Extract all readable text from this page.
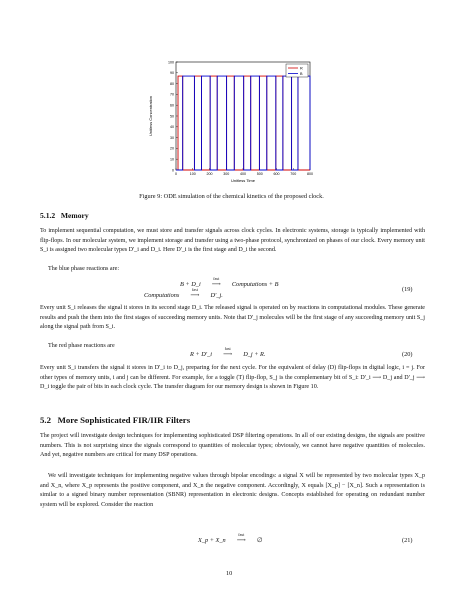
0
10
20
30
40
50
60
70
80
90
100
0	100	200	300	400	500	600	700	800
Unitless Concentration
Unitless Time
R
B
Figure 9: ODE simulation of the chemical kinetics of the proposed clock.
5.1.2 Memory
To implement sequential computation, we must store and transfer signals across clock cycles. In electronic systems, storage is typically implemented with flip-flops. In our molecular system, we implement storage and transfer using a two-phase protocol, synchronized on phases of our clock. Every memory unit S_i is assigned two molecular types D'_i and D_i. Here D'_i is the first stage and D_i the second.
The blue phase reactions are:
B + D_i
fast
⟶ Computations + B
Computations
fast
⟶ D'_j.
(19)
Every unit S_i releases the signal it stores in its second stage D_i. The released signal is operated on by reactions in computational modules. These generate results and push the them into the first stages of succeeding memory units. Note that D'_j molecules will be the first stage of any succeeding memory unit S_j along the signal path from S_i.
The red phase reactions are
R + D'_i
fast
⟶ D_j + R.	(20)
Every unit S_i transfers the signal it stores in D'_i to D_j, preparing for the next cycle. For the equivalent of delay (D) flip-flops in digital logic, i = j. For other types of memory units, i and j can be different. For example, for a toggle (T) flip-flop, S_j is the complementary bit of S_i: D'_i ⟶ D_j and D'_j ⟶ D_i toggle the pair of bits in each clock cycle. The transfer diagram for our memory design is shown in Figure 10.
5.2 More Sophisticated FIR/IIR Filters
The project will investigate design techniques for implementing sophisticated DSP filtering operations. In all of our existing designs, the signals are positive numbers. This is not surprising since the signals correspond to quantities of molecular types; obviously, we cannot have negative quantities of molecules. And yet, negative numbers are critical for many DSP operations.
We will investigate techniques for implementing negative values through bipolar encodings: a signal X will be represented by two molecular types X_p and X_n, where X_p represents the positive component, and X_n the negative component. Accordingly, X equals [X_p] − [X_n]. Such a representation is similar to a signed binary number representation (SBNR) representation in electronic designs. Concepts established for operating on redundant number system will be explored. Consider the reaction
X_p + X_n
fast
⟶ ∅	(21)
10
